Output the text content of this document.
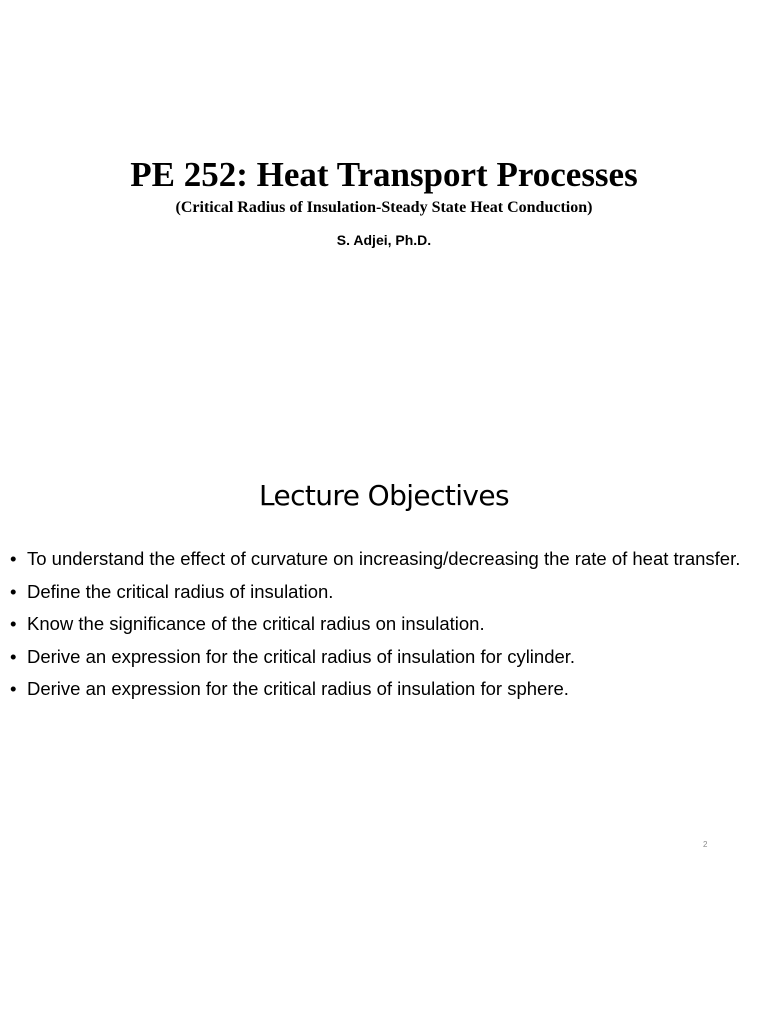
PE 252: Heat Transport Processes

(Critical Radius of Insulation-Steady State Heat Conduction)

S. Adjei, Ph.D.

Lecture Objectives
• To understand the effect of curvature on increasing/decreasing the rate of heat transfer.
• Define the critical radius of insulation.
• Know the significance of the critical radius on insulation.
• Derive an expression for the critical radius of insulation for cylinder.
• Derive an expression for the critical radius of insulation for sphere.
2
